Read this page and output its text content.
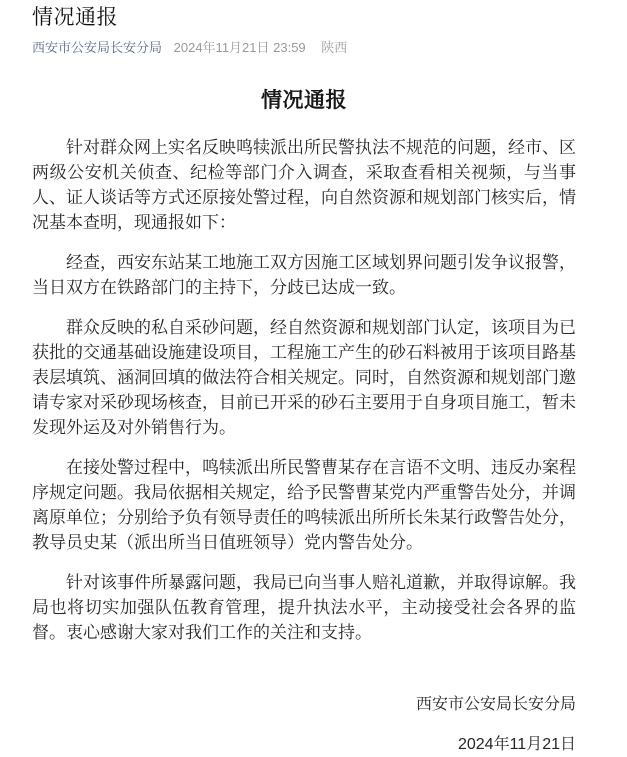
情况通报
西安市公安局长安分局 2024年11月21日 23:59 陕西
情况通报

针对群众网上实名反映鸣犊派出所民警执法不规范的问题，经市、区两级公安机关侦查、纪检等部门介入调查，采取查看相关视频，与当事人、证人谈话等方式还原接处警过程，向自然资源和规划部门核实后，情况基本查明，现通报如下：

经查，西安东站某工地施工双方因施工区域划界问题引发争议报警，当日双方在铁路部门的主持下，分歧已达成一致。

群众反映的私自采砂问题，经自然资源和规划部门认定，该项目为已获批的交通基础设施建设项目，工程施工产生的砂石料被用于该项目路基表层填筑、涵洞回填的做法符合相关规定。同时，自然资源和规划部门邀请专家对采砂现场核查，目前已开采的砂石主要用于自身项目施工，暂未发现外运及对外销售行为。

在接处警过程中，鸣犊派出所民警曹某存在言语不文明、违反办案程序规定问题。我局依据相关规定，给予民警曹某党内严重警告处分，并调离原单位；分别给予负有领导责任的鸣犊派出所所长朱某行政警告处分，教导员史某（派出所当日值班领导）党内警告处分。

针对该事件所暴露问题，我局已向当事人赔礼道歉，并取得谅解。我局也将切实加强队伍教育管理，提升执法水平，主动接受社会各界的监督。衷心感谢大家对我们工作的关注和支持。

西安市公安局长安分局

2024年11月21日
